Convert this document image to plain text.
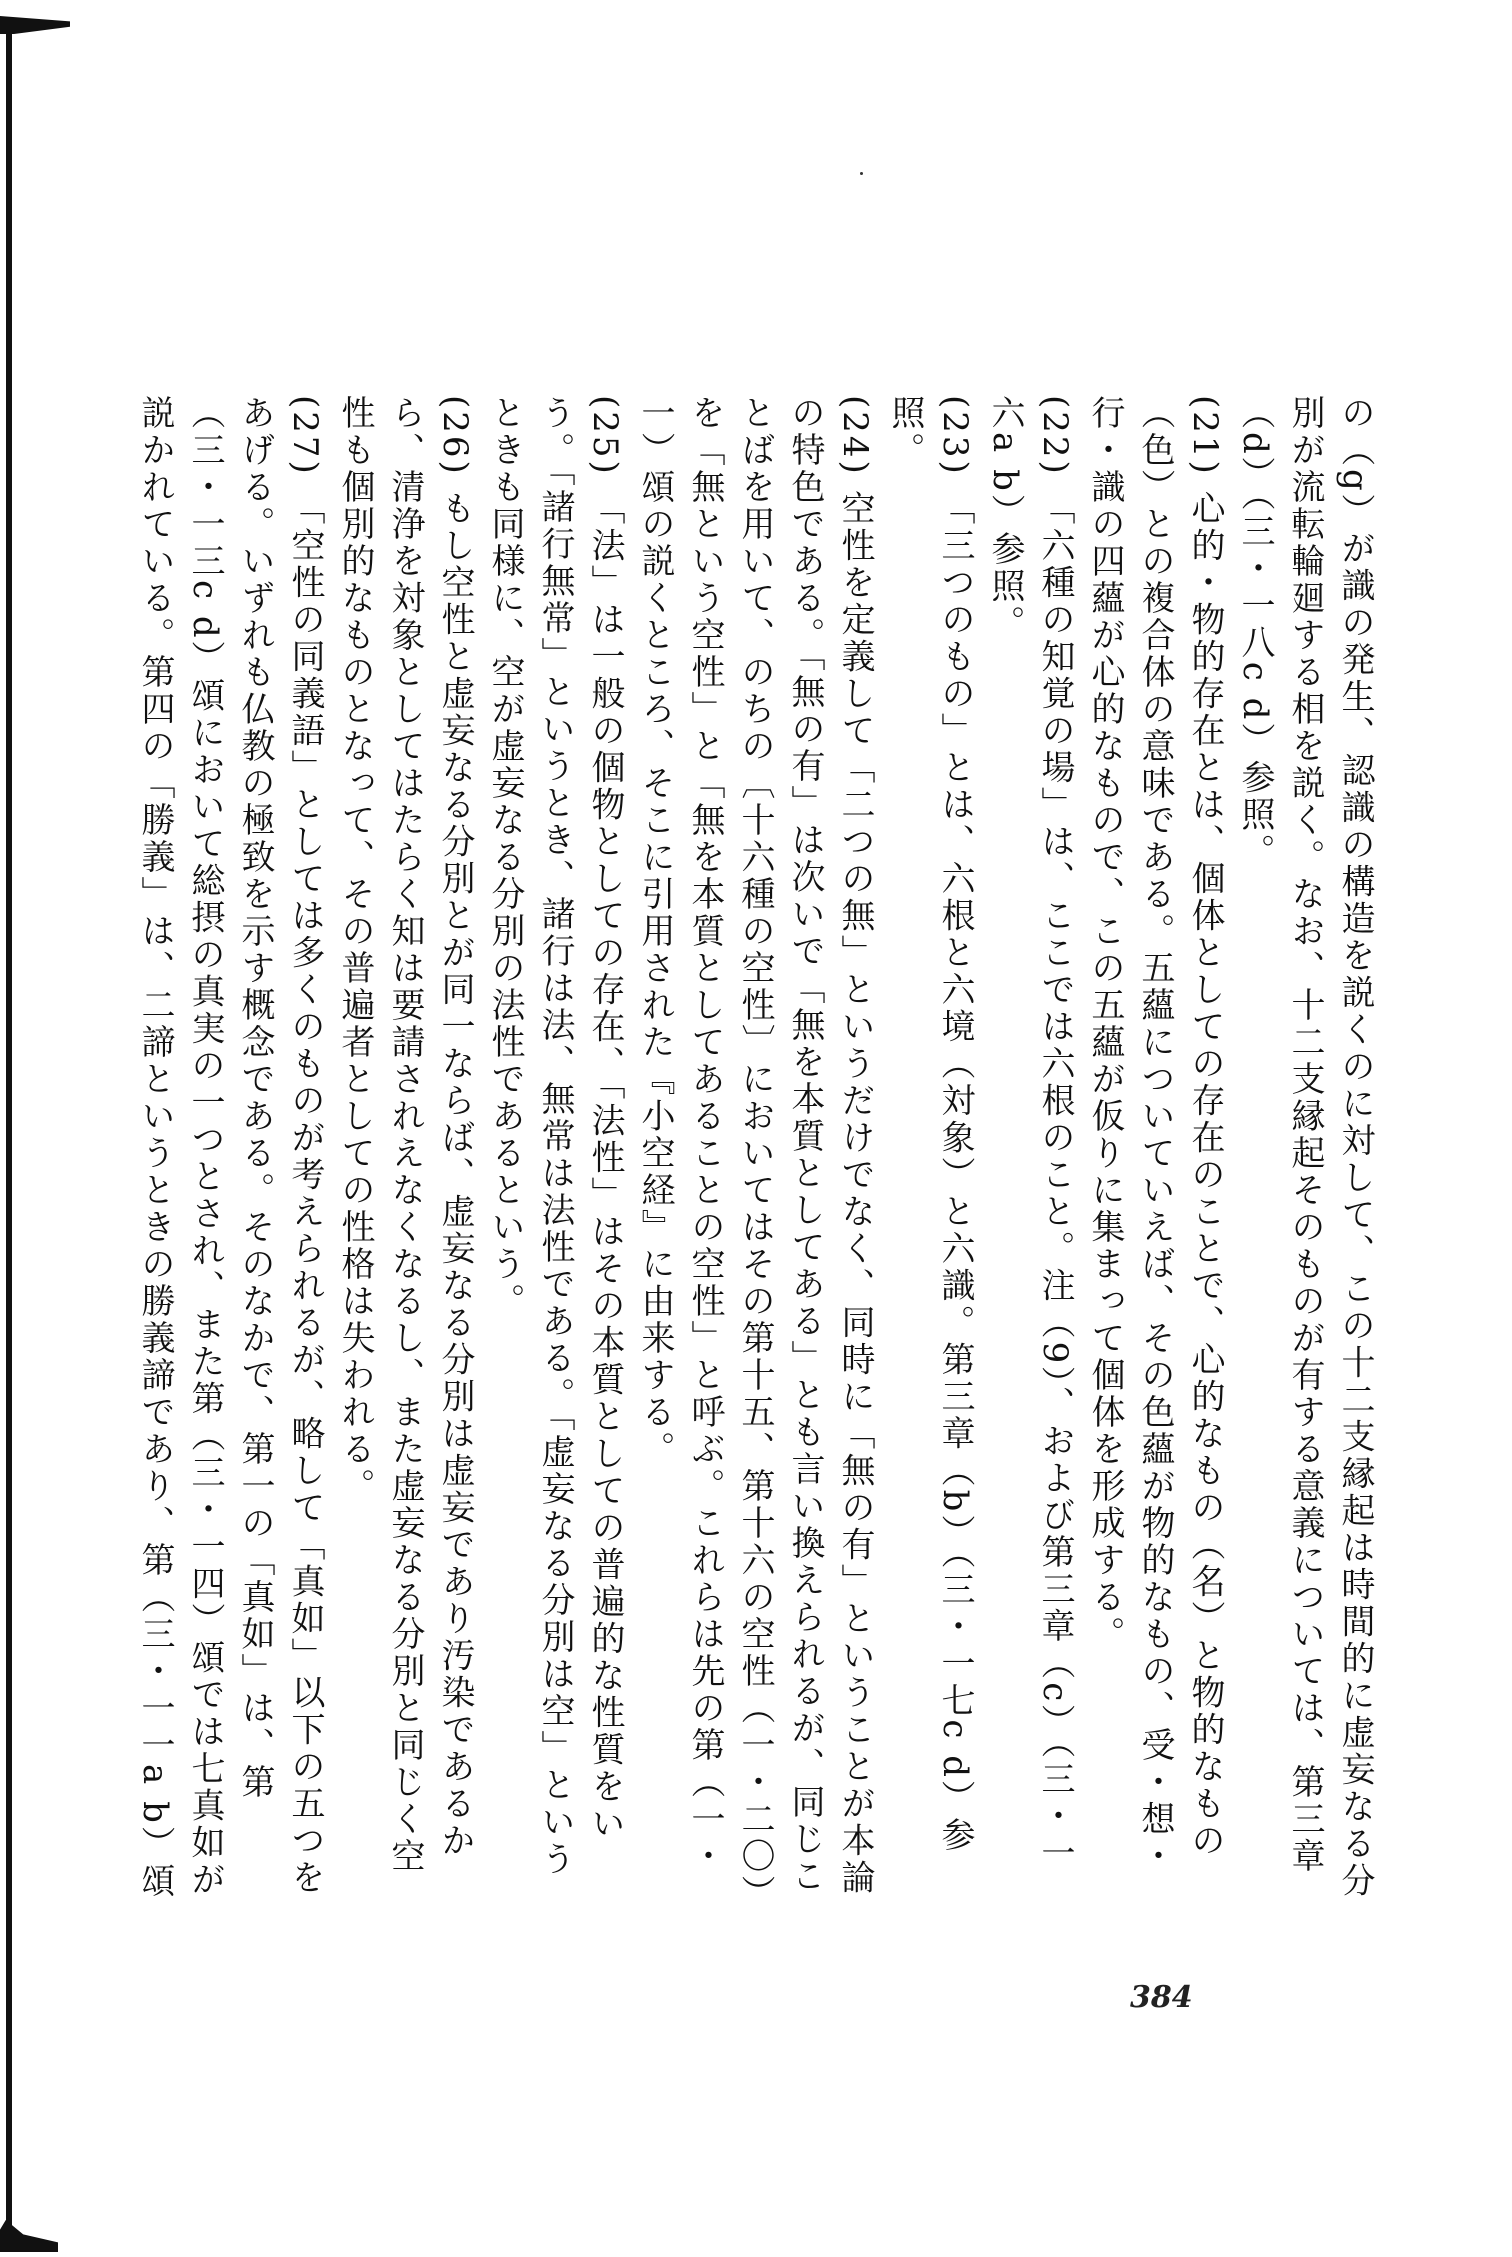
の（g）が識の発生、認識の構造を説くのに対して、この十二支縁起は時間的に虚妄なる分別が流転輪廻する相を説く。なお、十二支縁起そのものが有する意義については、第三章（d）（三・一八c d）参照。
(21) 心的・物的存在とは、個体としての存在のことで、心的なもの（名）と物的なもの（色）との複合体の意味である。五蘊についていえば、その色蘊が物的なもの、受・想・行・識の四蘊が心的なもので、この五蘊が仮りに集まって個体を形成する。
(22) 「六種の知覚の場」は、ここでは六根のこと。注（9）、および第三章（c）（三・一六a b）参照。
(23) 「三つのもの」とは、六根と六境（対象）と六識。第三章（b）（三・一七c d）参照。
(24) 空性を定義して「二つの無」というだけでなく、同時に「無の有」ということが本論の特色である。「無の有」は次いで「無を本質としてある」とも言い換えられるが、同じことばを用いて、のちの〔十六種の空性〕においてはその第十五、第十六の空性（一・二〇）を「無という空性」と「無を本質としてあることの空性」と呼ぶ。これらは先の第（一・一）頌の説くところ、そこに引用された『小空経』に由来する。
(25) 「法」は一般の個物としての存在、「法性」はその本質としての普遍的な性質をいう。「諸行無常」というとき、諸行は法、無常は法性である。「虚妄なる分別は空」というときも同様に、空が虚妄なる分別の法性であるという。
(26) もし空性と虚妄なる分別とが同一ならば、虚妄なる分別は虚妄であり汚染であるから、清浄を対象としてはたらく知は要請されえなくなるし、また虚妄なる分別と同じく空性も個別的なものとなって、その普遍者としての性格は失われる。
(27) 「空性の同義語」としては多くのものが考えられるが、略して「真如」以下の五つをあげる。いずれも仏教の極致を示す概念である。そのなかで、第一の「真如」は、第（三・一三c d）頌において総摂の真実の一つとされ、また第（三・一四）頌では七真如が説かれている。第四の「勝義」は、二諦というときの勝義諦であり、第（三・一一a b）頌
384
